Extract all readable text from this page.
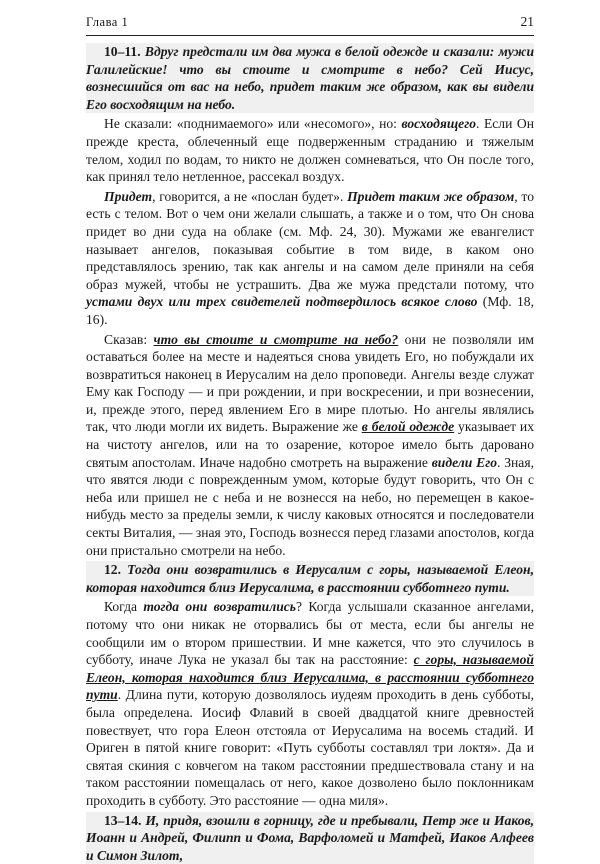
Глава 1	21

10–11. Вдруг предстали им два мужа в белой одежде и сказали: мужи Галилейские! что вы стоите и смотрите в небо? Сей Иисус, вознесшийся от вас на небо, придет таким же образом, как вы видели Его восходящим на небо.

Не сказали: «поднимаемого» или «несомого», но: восходящего. Если Он прежде креста, облеченный еще подверженным страданию и тяжелым телом, ходил по водам, то никто не должен сомневаться, что Он после того, как принял тело нетленное, рассекал воздух.

Придет, говорится, а не «послан будет». Придет таким же образом, то есть с телом. Вот о чем они желали слышать, а также и о том, что Он снова придет во дни суда на облаке (см. Мф. 24, 30). Мужами же евангелист называет ангелов, показывая событие в том виде, в каком оно представлялось зрению, так как ангелы и на самом деле приняли на себя образ мужей, чтобы не устрашить. Два же мужа предстали потому, что устами двух или трех свидетелей подтвердилось всякое слово (Мф. 18, 16).

Сказав: что вы стоите и смотрите на небо? они не позволяли им оставаться более на месте и надеяться снова увидеть Его, но побуждали их возвратиться наконец в Иерусалим на дело проповеди. Ангелы везде служат Ему как Господу — и при рождении, и при воскресении, и при вознесении, и, прежде этого, перед явлением Его в мире плотью. Но ангелы являлись так, что люди могли их видеть. Выражение же в белой одежде указывает их на чистоту ангелов, или на то озарение, которое имело быть даровано святым апостолам. Иначе надобно смотреть на выражение видели Его. Зная, что явятся люди с поврежденным умом, которые будут говорить, что Он с неба или пришел не с неба и не вознесся на небо, но перемещен в какое-нибудь место за пределы земли, к числу каковых относятся и последователи секты Виталия, — зная это, Господь вознесся перед глазами апостолов, когда они пристально смотрели на небо.

12. Тогда они возвратились в Иерусалим с горы, называемой Елеон, которая находится близ Иерусалима, в расстоянии субботнего пути.

Когда тогда они возвратились? Когда услышали сказанное ангелами, потому что они никак не оторвались бы от места, если бы ангелы не сообщили им о втором пришествии. И мне кажется, что это случилось в субботу, иначе Лука не указал бы так на расстояние: с горы, называемой Елеон, которая находится близ Иерусалима, в расстоянии субботнего пути. Длина пути, которую дозволялось иудеям проходить в день субботы, была определена. Иосиф Флавий в своей двадцатой книге древностей повествует, что гора Елеон отстояла от Иерусалима на восемь стадий. И Ориген в пятой книге говорит: «Путь субботы составлял три локтя». Да и святая скиния с ковчегом на таком расстоянии предшествовала стану и на таком расстоянии помещалась от него, какое дозволено было поклонникам проходить в субботу. Это расстояние — одна миля».

13–14. И, придя, взошли в горницу, где и пребывали, Петр же и Иаков, Иоанн и Андрей, Филипп и Фома, Варфоломей и Матфей, Иаков Алфеев и Симон Зилот,
